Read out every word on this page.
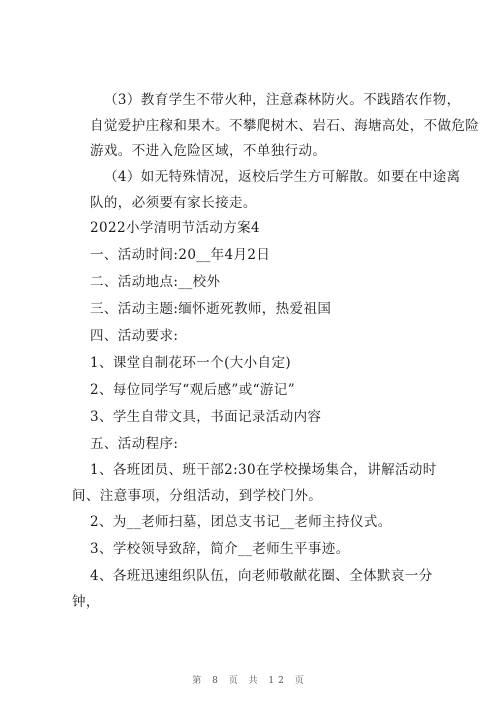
（3）教育学生不带火种，注意森林防火。不践踏农作物，
自觉爱护庄稼和果木。不攀爬树木、岩石、海塘高处，不做危险
游戏。不进入危险区域，不单独行动。

（4）如无特殊情况，返校后学生方可解散。如要在中途离
队的，必须要有家长接走。

2022小学清明节活动方案4

一、活动时间:20__年4月2日

二、活动地点:__校外

三、活动主题:缅怀逝死教师，热爱祖国

四、活动要求:

1、课堂自制花环一个(大小自定)

2、每位同学写“观后感”或“游记”

3、学生自带文具，书面记录活动内容

五、活动程序:

1、各班团员、班干部2:30在学校操场集合，讲解活动时
间、注意事项，分组活动，到学校门外。

2、为__老师扫墓，团总支书记__老师主持仪式。

3、学校领导致辞，简介__老师生平事迹。

4、各班迅速组织队伍，向老师敬献花圈、全体默哀一分
钟，

第 8 页 共 12 页
